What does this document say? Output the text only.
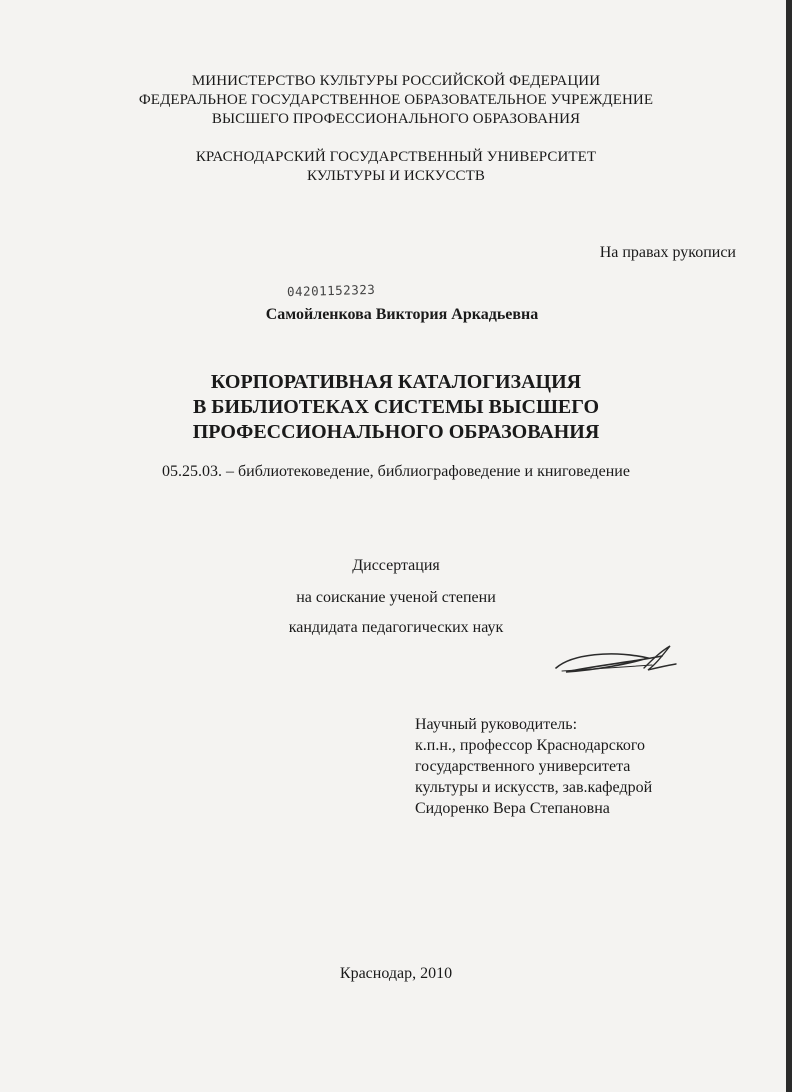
МИНИСТЕРСТВО КУЛЬТУРЫ РОССИЙСКОЙ ФЕДЕРАЦИИ
ФЕДЕРАЛЬНОЕ ГОСУДАРСТВЕННОЕ ОБРАЗОВАТЕЛЬНОЕ УЧРЕЖДЕНИЕ
ВЫСШЕГО ПРОФЕССИОНАЛЬНОГО ОБРАЗОВАНИЯ
КРАСНОДАРСКИЙ ГОСУДАРСТВЕННЫЙ УНИВЕРСИТЕТ
КУЛЬТУРЫ И ИСКУССТВ
На правах рукописи
04201152323
Самойленкова Виктория Аркадьевна
КОРПОРАТИВНАЯ КАТАЛОГИЗАЦИЯ
В БИБЛИОТЕКАХ СИСТЕМЫ ВЫСШЕГО
ПРОФЕССИОНАЛЬНОГО ОБРАЗОВАНИЯ
05.25.03. – библиотековедение, библиографоведение и книговедение
Диссертация
на соискание ученой степени
кандидата педагогических наук
Научный руководитель:
к.п.н., профессор Краснодарского
государственного университета
культуры и искусств, зав.кафедрой
Сидоренко Вера Степановна
Краснодар, 2010
